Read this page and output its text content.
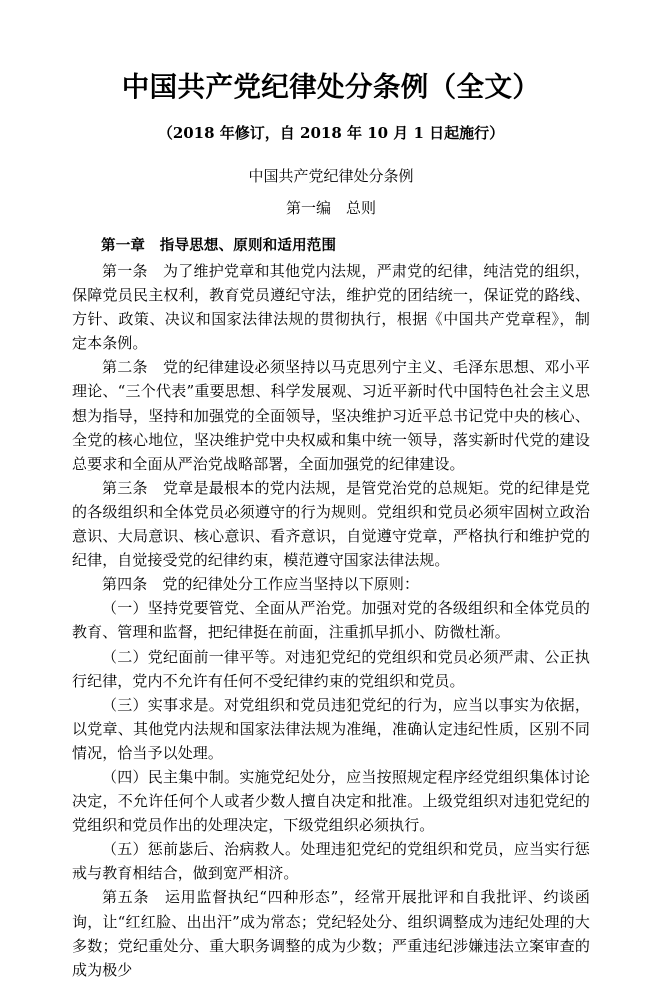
中国共产党纪律处分条例（全文）

（2018 年修订，自 2018 年 10 月 1 日起施行）

中国共产党纪律处分条例

第一编　总则

第一章　指导思想、原则和适用范围

第一条　为了维护党章和其他党内法规，严肃党的纪律，纯洁党的组织，保障党员民主权利，教育党员遵纪守法，维护党的团结统一，保证党的路线、方针、政策、决议和国家法律法规的贯彻执行，根据《中国共产党章程》，制定本条例。

第二条　党的纪律建设必须坚持以马克思列宁主义、毛泽东思想、邓小平理论、“三个代表”重要思想、科学发展观、习近平新时代中国特色社会主义思想为指导，坚持和加强党的全面领导，坚决维护习近平总书记党中央的核心、全党的核心地位，坚决维护党中央权威和集中统一领导，落实新时代党的建设总要求和全面从严治党战略部署，全面加强党的纪律建设。

第三条　党章是最根本的党内法规，是管党治党的总规矩。党的纪律是党的各级组织和全体党员必须遵守的行为规则。党组织和党员必须牢固树立政治意识、大局意识、核心意识、看齐意识，自觉遵守党章，严格执行和维护党的纪律，自觉接受党的纪律约束，模范遵守国家法律法规。

第四条　党的纪律处分工作应当坚持以下原则：

（一）坚持党要管党、全面从严治党。加强对党的各级组织和全体党员的教育、管理和监督，把纪律挺在前面，注重抓早抓小、防微杜渐。

（二）党纪面前一律平等。对违犯党纪的党组织和党员必须严肃、公正执行纪律，党内不允许有任何不受纪律约束的党组织和党员。

（三）实事求是。对党组织和党员违犯党纪的行为，应当以事实为依据，以党章、其他党内法规和国家法律法规为准绳，准确认定违纪性质，区别不同情况，恰当予以处理。

（四）民主集中制。实施党纪处分，应当按照规定程序经党组织集体讨论决定，不允许任何个人或者少数人擅自决定和批准。上级党组织对违犯党纪的党组织和党员作出的处理决定，下级党组织必须执行。

（五）惩前毖后、治病救人。处理违犯党纪的党组织和党员，应当实行惩戒与教育相结合，做到宽严相济。

第五条　运用监督执纪“四种形态”，经常开展批评和自我批评、约谈函询，让“红红脸、出出汗”成为常态；党纪轻处分、组织调整成为违纪处理的大多数；党纪重处分、重大职务调整的成为少数；严重违纪涉嫌违法立案审查的成为极少
